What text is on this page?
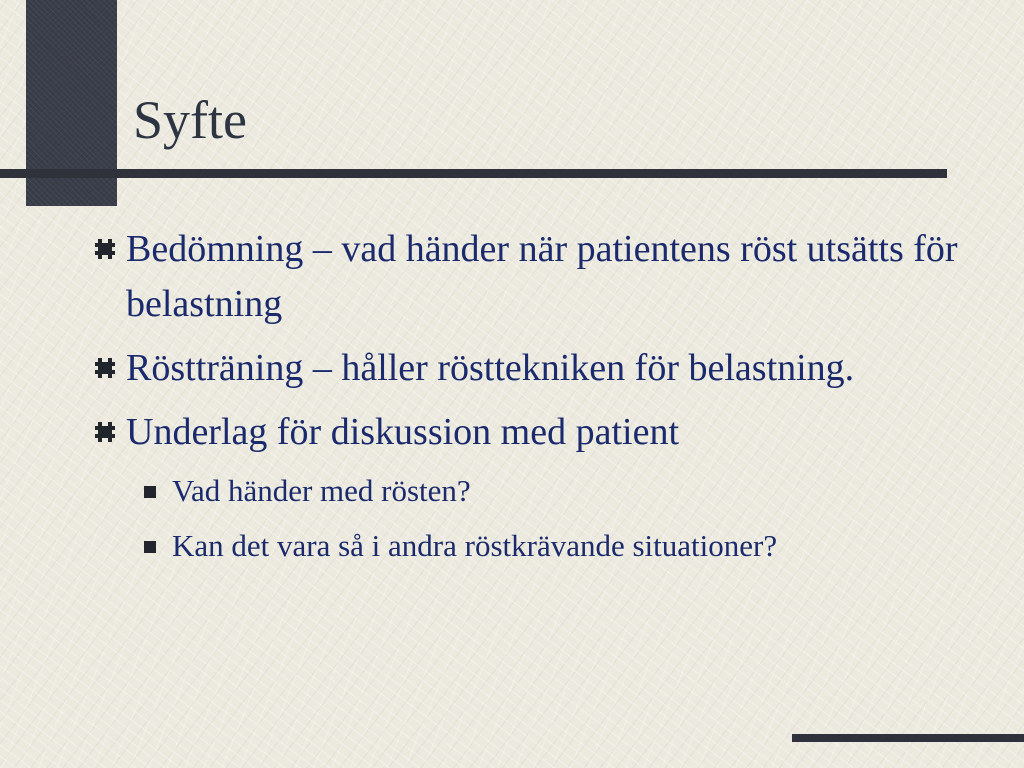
Syfte
Bedömning – vad händer när patientens röst utsätts för belastning
Röstträning – håller rösttekniken för belastning.
Underlag för diskussion med patient
Vad händer med rösten?
Kan det vara så i andra röstkrävande situationer?
